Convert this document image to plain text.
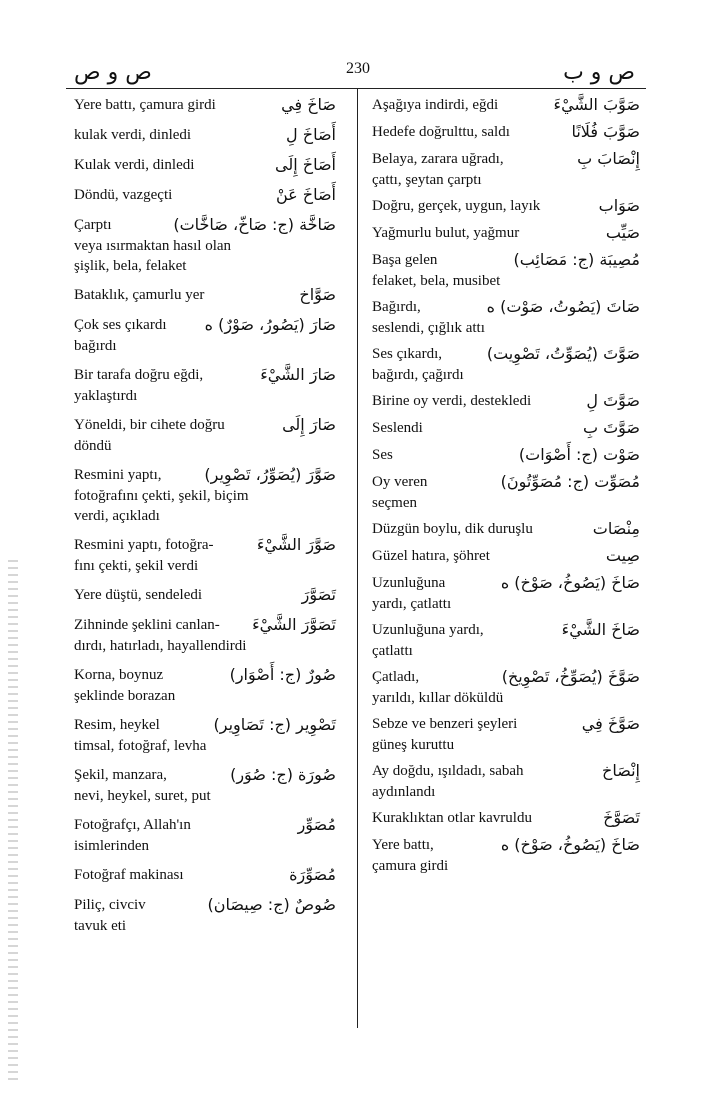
ص و ص	230	ص و ب
صَاخَ فِي
Yere battı, çamura girdi
أَصَاخَ لِ
kulak verdi, dinledi
أَصَاخَ إِلَى
Kulak verdi, dinledi
أَصَاخَ عَنْ
Döndü, vazgeçti
صَاخَّة (ج: صَاخّ، صَاخَّات)
Çarptı
veya ısırmaktan hasıl olan
şişlik, bela, felaket
صَوَّاخ
Bataklık, çamurlu yer
صَارَ (يَصُورُ، صَوْرٌ) ه
Çok ses çıkardı
bağırdı
صَارَ الشَّيْءَ
Bir tarafa doğru eğdi,
yaklaştırdı
صَارَ إِلَى
Yöneldi, bir cihete doğru
döndü
صَوَّرَ (يُصَوِّرُ، تَصْوِير)
Resmini yaptı,
fotoğrafını çekti, şekil, biçim
verdi, açıkladı
صَوَّرَ الشَّيْءَ
Resmini yaptı, fotoğra-
fını çekti, şekil verdi
تَصَوَّرَ
Yere düştü, sendeledi
تَصَوَّرَ الشَّيْءَ
Zihninde şeklini canlan-
dırdı, hatırladı, hayallendirdi
صُورٌ (ج: أَصْوَار)
Korna, boynuz
şeklinde borazan
تَصْوِير (ج: تَصَاوِير)
Resim, heykel
timsal, fotoğraf, levha
صُورَة (ج: صُوَر)
Şekil, manzara,
nevi, heykel, suret, put
مُصَوِّر
Fotoğrafçı, Allah'ın
isimlerinden
مُصَوِّرَة
Fotoğraf makinası
صُوصٌ (ج: صِيصَان)
Piliç, civciv
tavuk eti
صَوَّبَ الشَّيْءَ
Aşağıya indirdi, eğdi
صَوَّبَ فُلَانًا
Hedefe doğrulttu, saldı
إِنْصَابَ بِ
Belaya, zarara uğradı,
çattı, şeytan çarptı
صَوَاب
Doğru, gerçek, uygun, layık
صَيِّب
Yağmurlu bulut, yağmur
مُصِيبَة (ج: مَصَائِب)
Başa gelen
felaket, bela, musibet
صَاتَ (يَصُوتُ، صَوْت) ه
Bağırdı,
seslendi, çığlık attı
صَوَّتَ (يُصَوِّتُ، تَصْوِيت)
Ses çıkardı,
bağırdı, çağırdı
صَوَّتَ لِ
Birine oy verdi, destekledi
صَوَّتَ بِ
Seslendi
صَوْت (ج: أَصْوَات)
Ses
مُصَوِّت (ج: مُصَوِّتُونَ)
Oy veren
seçmen
مِنْصَات
Düzgün boylu, dik duruşlu
صِيت
Güzel hatıra, şöhret
صَاخَ (يَصُوخُ، صَوْخ) ه
Uzunluğuna
yardı, çatlattı
صَاخَ الشَّيْءَ
Uzunluğuna yardı,
çatlattı
صَوَّخَ (يُصَوِّخُ، تَصْوِيخ)
Çatladı,
yarıldı, kıllar döküldü
صَوَّخَ فِي
Sebze ve benzeri şeyleri
güneş kuruttu
إِنْصَاخ
Ay doğdu, ışıldadı, sabah
aydınlandı
تَصَوَّخَ
Kuraklıktan otlar kavruldu
صَاخَ (يَصُوخُ، صَوْخ) ه
Yere battı,
çamura girdi
